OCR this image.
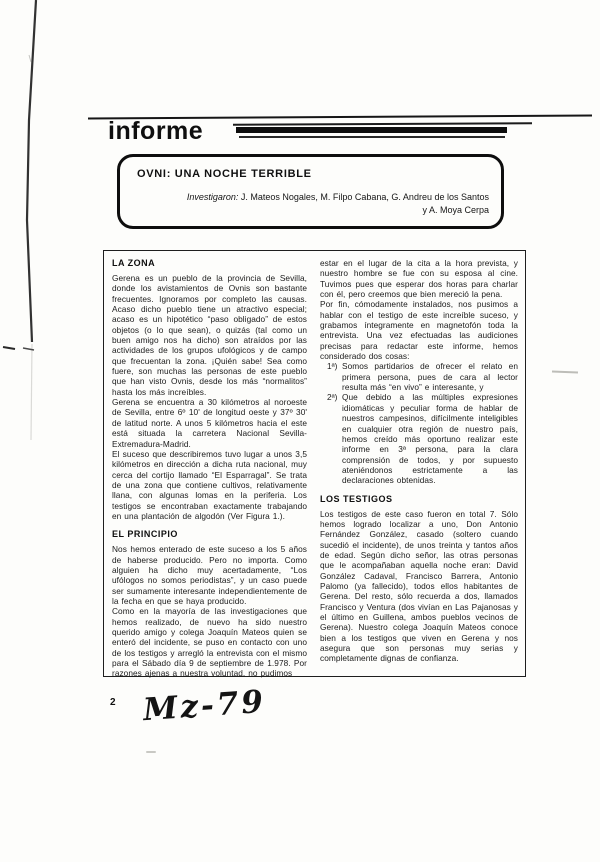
informe
OVNI: UNA NOCHE TERRIBLE
Investigaron: J. Mateos Nogales, M. Filpo Cabana, G. Andreu de los Santos
y A. Moya Cerpa
LA ZONA

Gerena es un pueblo de la provincia de Sevilla, donde los avistamientos de Ovnis son bastante frecuentes. Ignoramos por completo las causas. Acaso dicho pueblo tiene un atractivo especial; acaso es un hipotético “paso obligado” de estos objetos (o lo que sean), o quizás (tal como un buen amigo nos ha dicho) son atraídos por las actividades de los grupos ufológicos y de campo que frecuentan la zona. ¡Quién sabe! Sea como fuere, son muchas las personas de este pueblo que han visto Ovnis, desde los más “normalitos” hasta los más increíbles.

Gerena se encuentra a 30 kilómetros al noroeste de Sevilla, entre 6º 10' de longitud oeste y 37º 30' de latitud norte. A unos 5 kilómetros hacia el este está situada la carretera Nacional Sevilla-Extremadura-Madrid.

El suceso que describiremos tuvo lugar a unos 3,5 kilómetros en dirección a dicha ruta nacional, muy cerca del cortijo llamado “El Esparragal”. Se trata de una zona que contiene cultivos, relativamente llana, con algunas lomas en la periferia. Los testigos se encontraban exactamente trabajando en una plantación de algodón (Ver Figura 1.).

EL PRINCIPIO

Nos hemos enterado de este suceso a los 5 años de haberse producido. Pero no importa. Como alguien ha dicho muy acertadamente, “Los ufólogos no somos periodistas”, y un caso puede ser sumamente interesante independientemente de la fecha en que se haya producido.

Como en la mayoría de las investigaciones que hemos realizado, de nuevo ha sido nuestro querido amigo y colega Joaquín Mateos quien se enteró del incidente, se puso en contacto con uno de los testigos y arregló la entrevista con el mismo para el Sábado día 9 de septiembre de 1.978. Por razones ajenas a nuestra voluntad, no pudimos

estar en el lugar de la cita a la hora prevista, y nuestro hombre se fue con su esposa al cine. Tuvimos pues que esperar dos horas para charlar con él, pero creemos que bien mereció la pena.

Por fin, cómodamente instalados, nos pusimos a hablar con el testigo de este increíble suceso, y grabamos íntegramente en magnetofón toda la entrevista. Una vez efectuadas las audiciones precisas para redactar este informe, hemos considerado dos cosas:

1ª) Somos partidarios de ofrecer el relato en primera persona, pues de cara al lector resulta más “en vivo” e interesante, y
2ª) Que debido a las múltiples expresiones idiomáticas y peculiar forma de hablar de nuestros campesinos, difícilmente inteligibles en cualquier otra región de nuestro país, hemos creído más oportuno realizar este informe en 3ª persona, para la clara comprensión de todos, y por supuesto ateniéndonos estrictamente a las declaraciones obtenidas.
LOS TESTIGOS

Los testigos de este caso fueron en total 7. Sólo hemos logrado localizar a uno, Don Antonio Fernández González, casado (soltero cuando sucedió el incidente), de unos treinta y tantos años de edad. Según dicho señor, las otras personas que le acompañaban aquella noche eran: David González Cadaval, Francisco Barrera, Antonio Palomo (ya fallecido), todos ellos habitantes de Gerena. Del resto, sólo recuerda a dos, llamados Francisco y Ventura (dos vivían en Las Pajanosas y el último en Guillena, ambos pueblos vecinos de Gerena). Nuestro colega Joaquín Mateos conoce bien a los testigos que viven en Gerena y nos asegura que son personas muy serias y completamente dignas de confianza.

2 Mz-79
